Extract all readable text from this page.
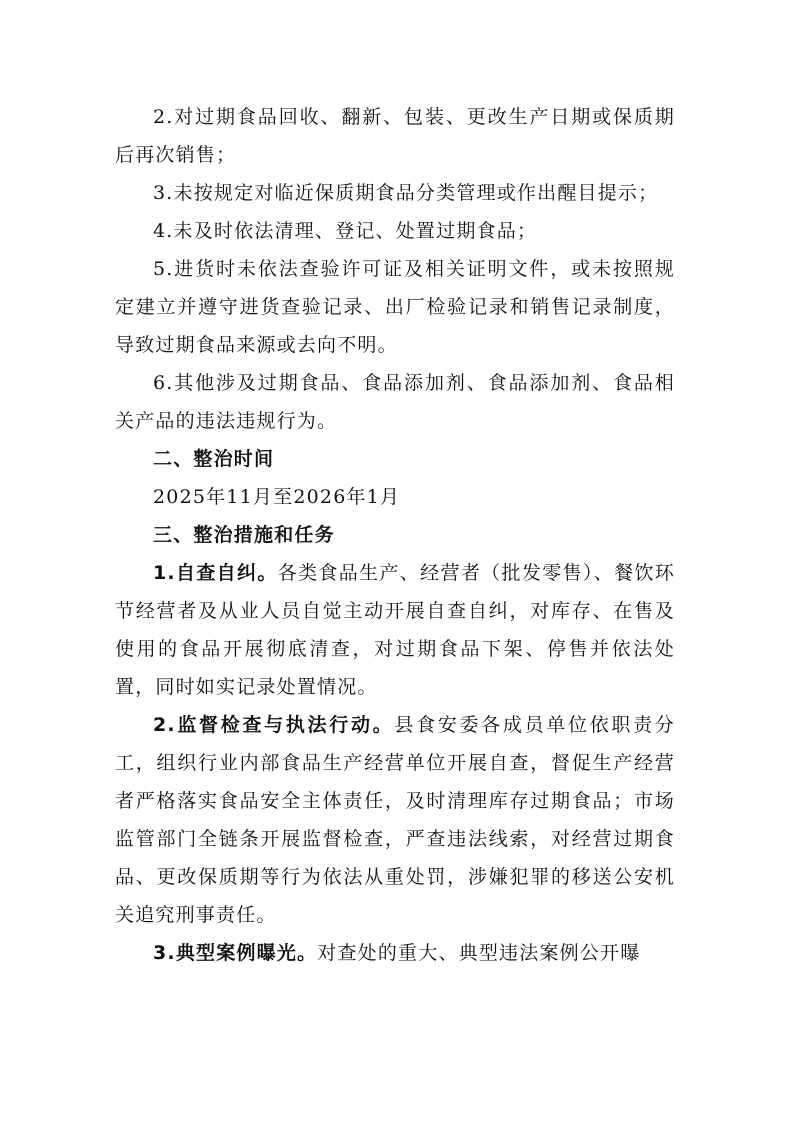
2.对过期食品回收、翻新、包装、更改生产日期或保质期后再次销售；

3.未按规定对临近保质期食品分类管理或作出醒目提示；

4.未及时依法清理、登记、处置过期食品；

5.进货时未依法查验许可证及相关证明文件，或未按照规定建立并遵守进货查验记录、出厂检验记录和销售记录制度，导致过期食品来源或去向不明。

6.其他涉及过期食品、食品添加剂、食品添加剂、食品相关产品的违法违规行为。

二、整治时间

2025年11月至2026年1月

三、整治措施和任务

1.自查自纠。各类食品生产、经营者（批发零售）、餐饮环节经营者及从业人员自觉主动开展自查自纠，对库存、在售及使用的食品开展彻底清查，对过期食品下架、停售并依法处置，同时如实记录处置情况。

2.监督检查与执法行动。县食安委各成员单位依职责分工，组织行业内部食品生产经营单位开展自查，督促生产经营者严格落实食品安全主体责任，及时清理库存过期食品；市场监管部门全链条开展监督检查，严查违法线索，对经营过期食品、更改保质期等行为依法从重处罚，涉嫌犯罪的移送公安机关追究刑事责任。

3.典型案例曝光。对查处的重大、典型违法案例公开曝
